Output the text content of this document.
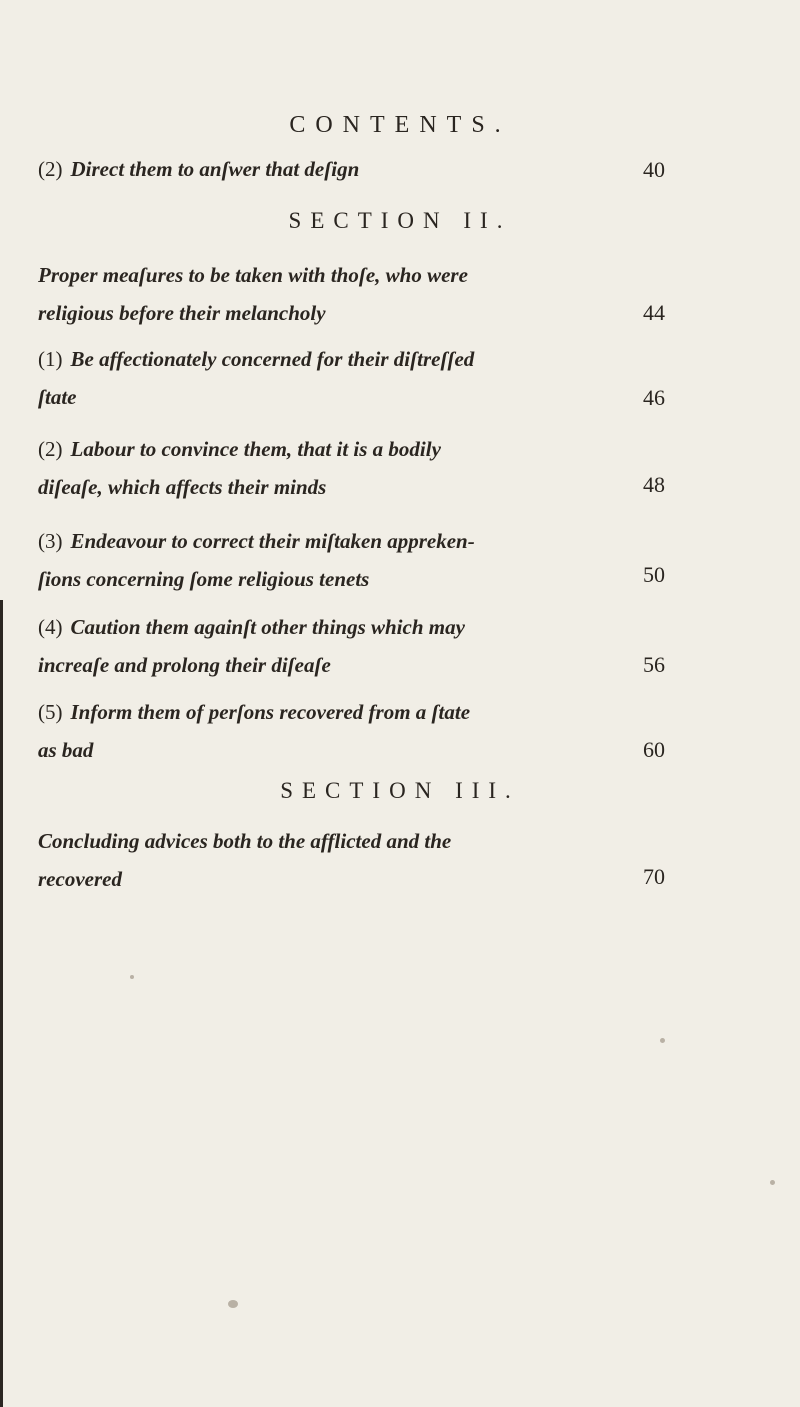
CONTENTS.
(2) Direct them to anſwer that deſign	40
SECTION II.
Proper meaſures to be taken with thoſe, who were
religious before their melancholy	44
(1) Be affectionately concerned for their diſtreſſed
ſtate	46
(2) Labour to convince them, that it is a bodily
diſeaſe, which affects their minds	48
(3) Endeavour to correct their miſtaken appreken-
ſions concerning ſome religious tenets	50
(4) Caution them againſt other things which may
increaſe and prolong their diſeaſe	56
(5) Inform them of perſons recovered from a ſtate
as bad	60
SECTION III.
Concluding advices both to the afflicted and the
recovered	70
